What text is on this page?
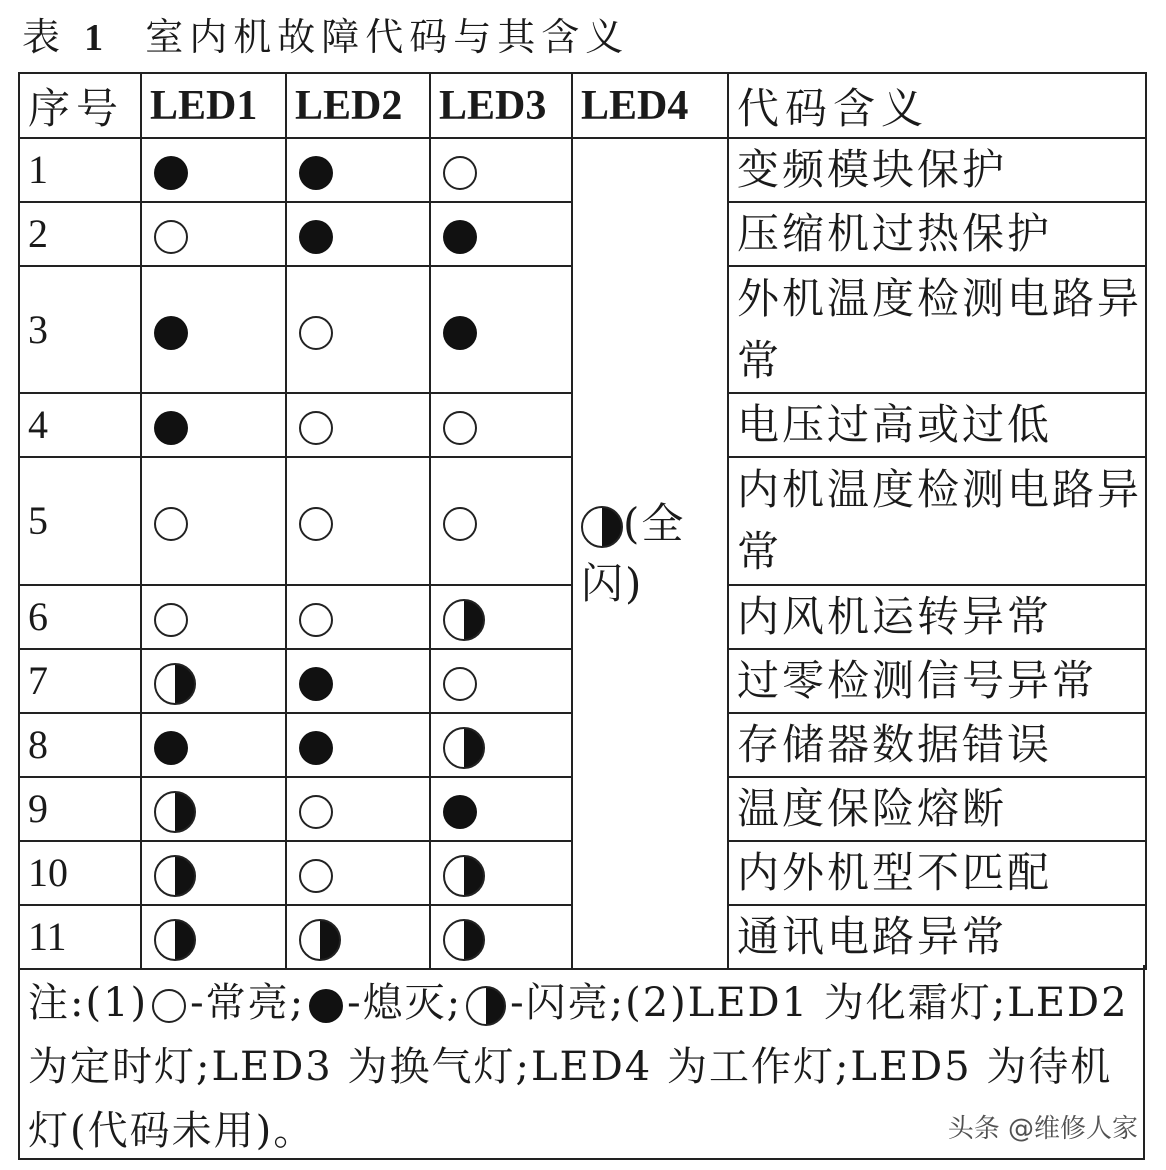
表 1 室内机故障代码与其含义
序号	LED1	LED2	LED3	LED4	代码含义
1				(全闪)	变频模块保护
2					压缩机过热保护
3					外机温度检测电路异常
4					电压过高或过低
5					内机温度检测电路异常
6					内风机运转异常
7					过零检测信号异常
8					存储器数据错误
9					温度保险熔断
10					内外机型不匹配
11					通讯电路异常
注:(1) -常亮; -熄灭; -闪亮;(2)LED1 为化霜灯;LED2 为定时灯;LED3 为换气灯;LED4 为工作灯;LED5 为待机灯(代码未用)。	头条 @维修人家
